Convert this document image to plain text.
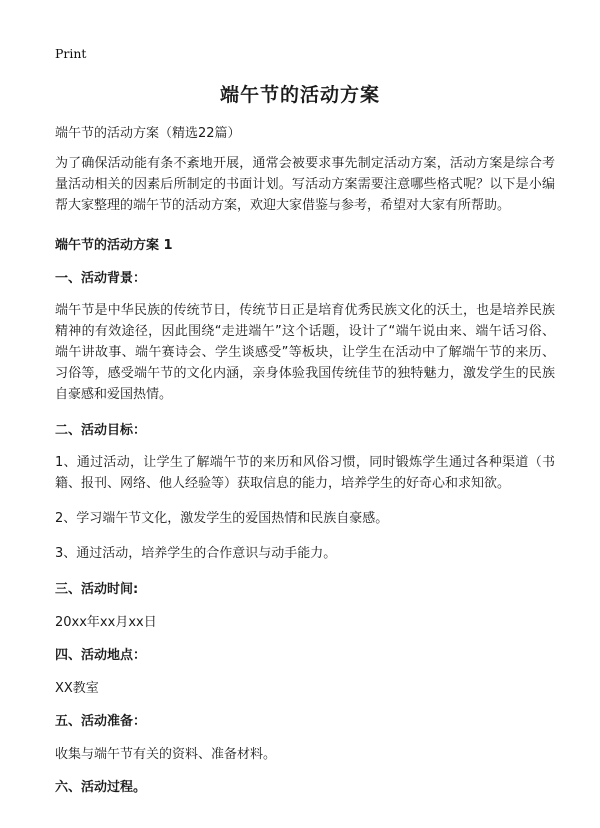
Print
端午节的活动方案
端午节的活动方案（精选22篇）

为了确保活动能有条不紊地开展，通常会被要求事先制定活动方案，活动方案是综合考量活动相关的因素后所制定的书面计划。写活动方案需要注意哪些格式呢？以下是小编帮大家整理的端午节的活动方案，欢迎大家借鉴与参考，希望对大家有所帮助。

端午节的活动方案 1
一、活动背景：

端午节是中华民族的传统节日，传统节日正是培育优秀民族文化的沃土，也是培养民族精神的有效途径，因此围绕“走进端午”这个话题，设计了“端午说由来、端午话习俗、端午讲故事、端午赛诗会、学生谈感受”等板块，让学生在活动中了解端午节的来历、习俗等，感受端午节的文化内涵，亲身体验我国传统佳节的独特魅力，激发学生的民族自豪感和爱国热情。

二、活动目标：

1、通过活动，让学生了解端午节的来历和风俗习惯，同时锻炼学生通过各种渠道（书籍、报刊、网络、他人经验等）获取信息的能力，培养学生的好奇心和求知欲。

2、学习端午节文化，激发学生的爱国热情和民族自豪感。

3、通过活动，培养学生的合作意识与动手能力。

三、活动时间:
20xx年xx月xx日
四、活动地点：
XX教室
五、活动准备：
收集与端午节有关的资料、准备材料。
六、活动过程。
